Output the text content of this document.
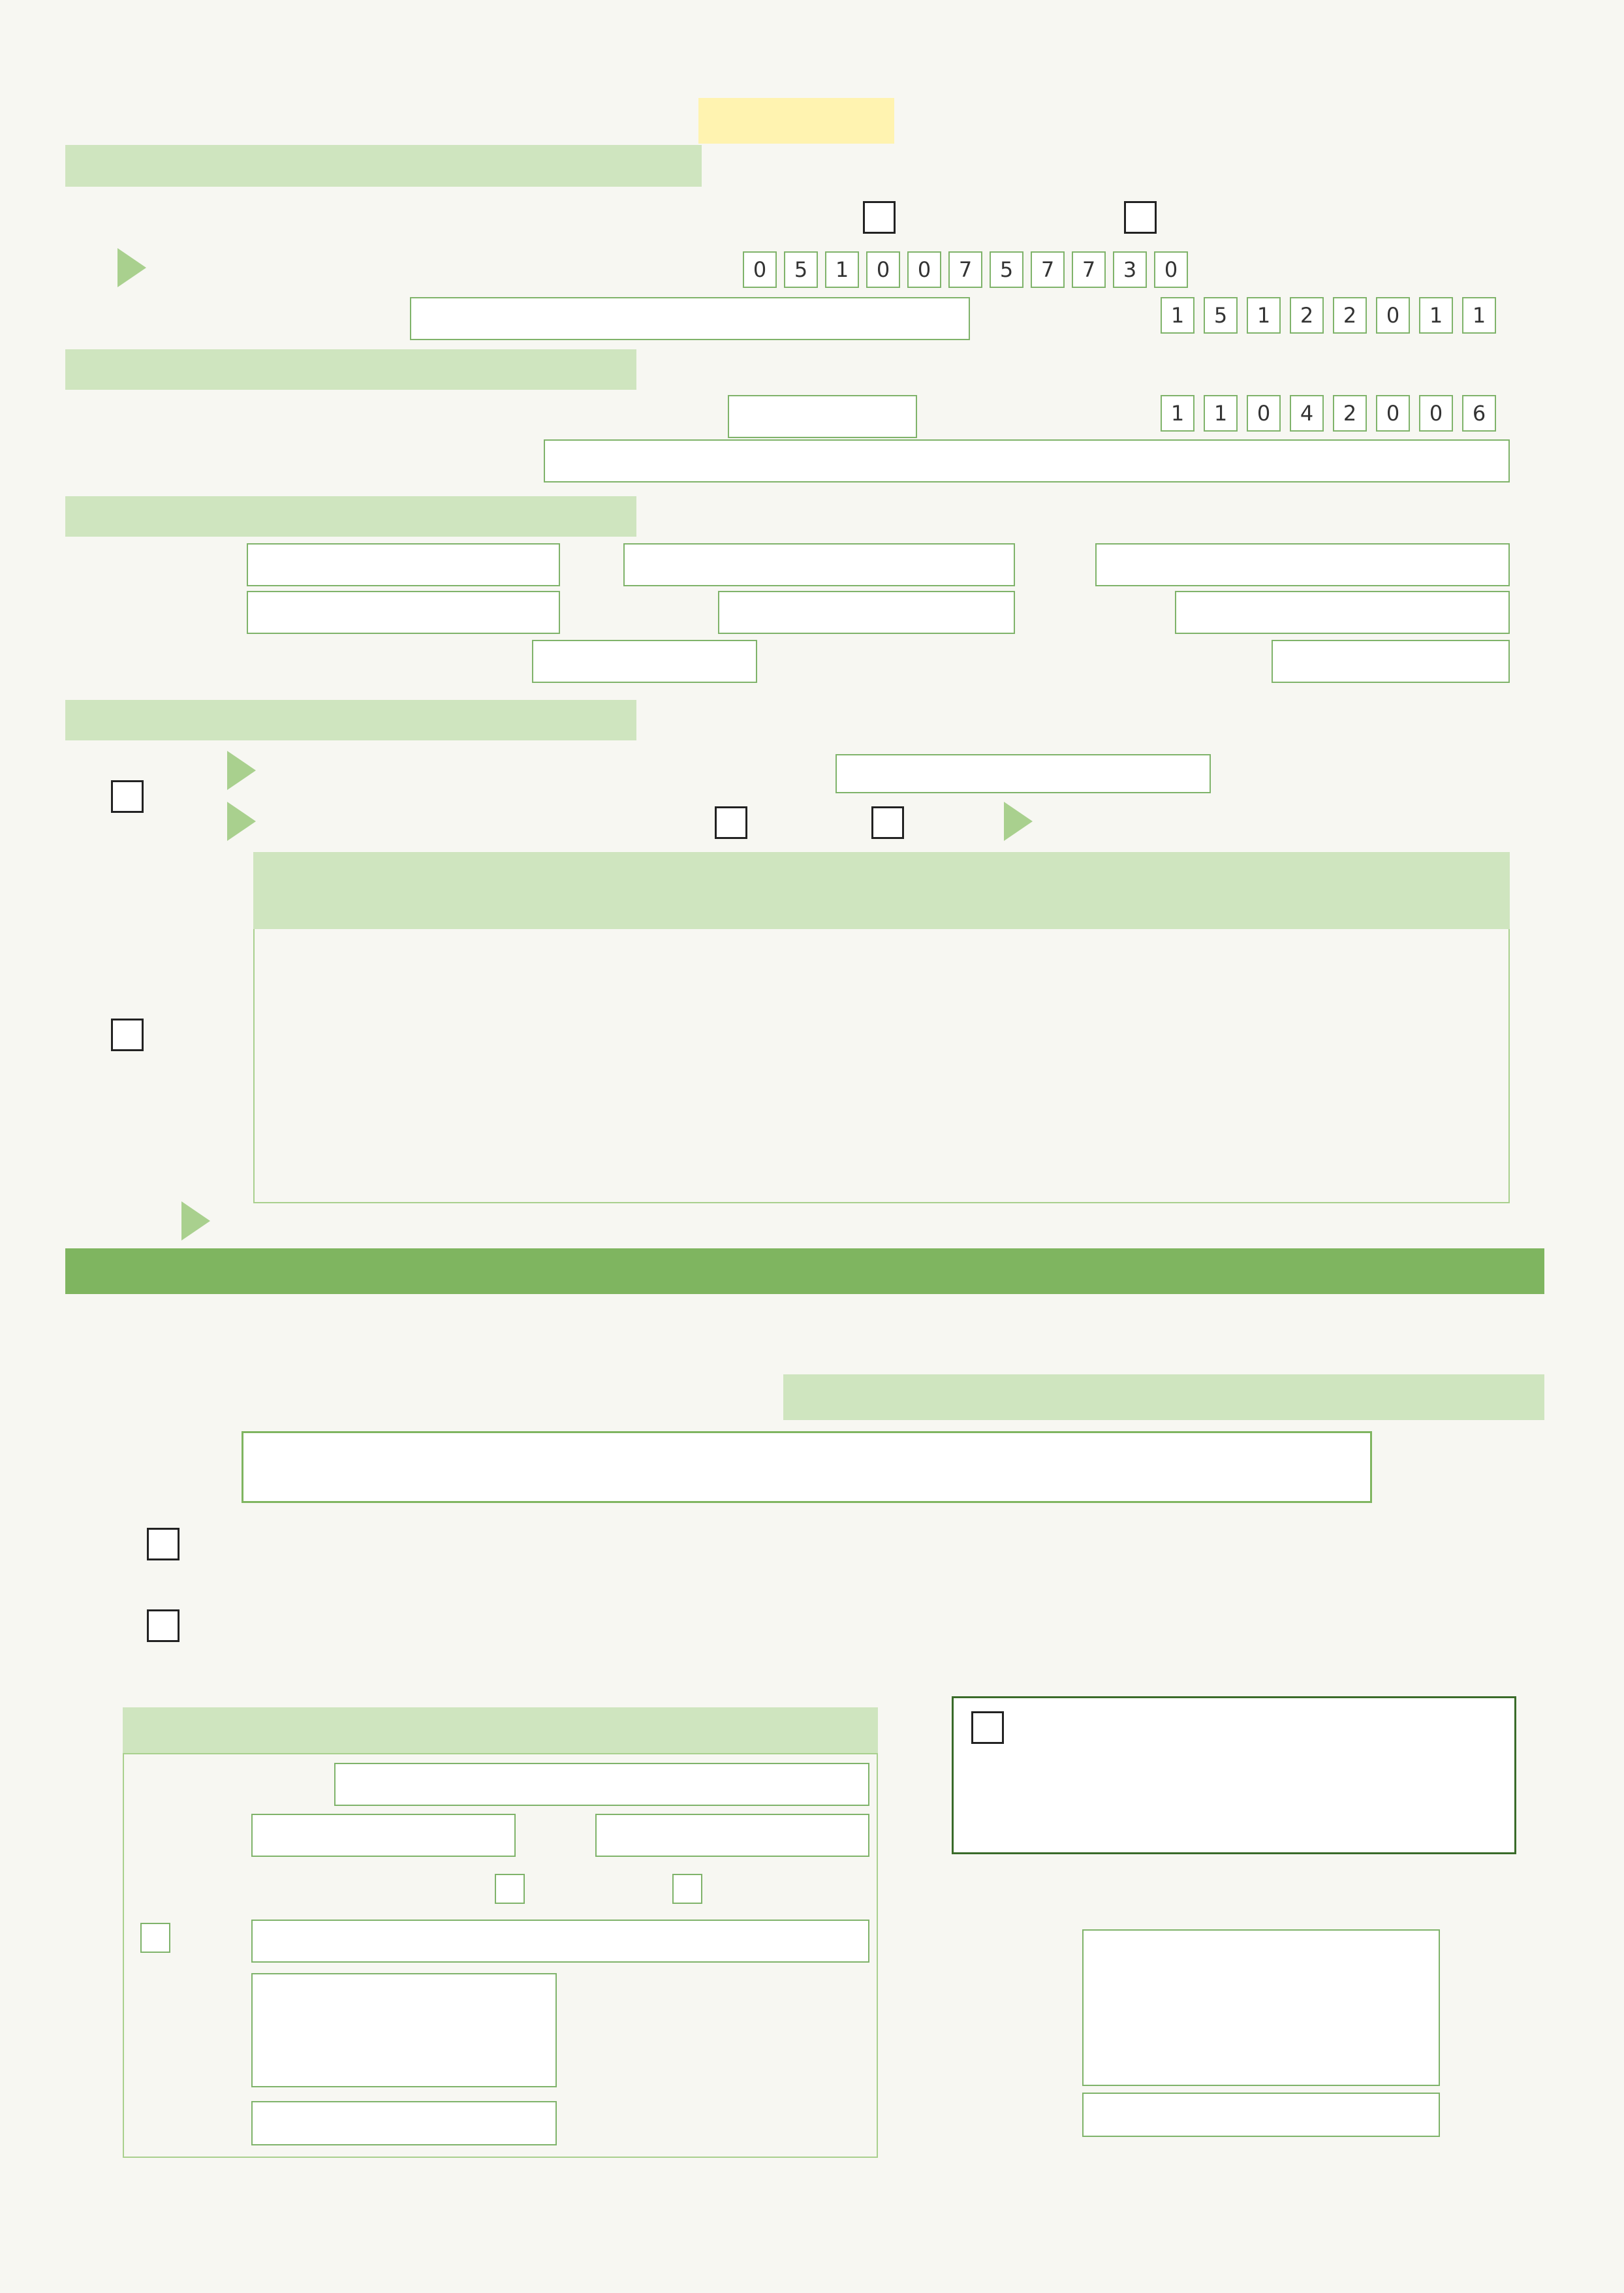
0	5	1	0	0	7	5	7	7	3	0
1	5	1	2	2	0	1	1
1	1	0	4	2	0	0	6
